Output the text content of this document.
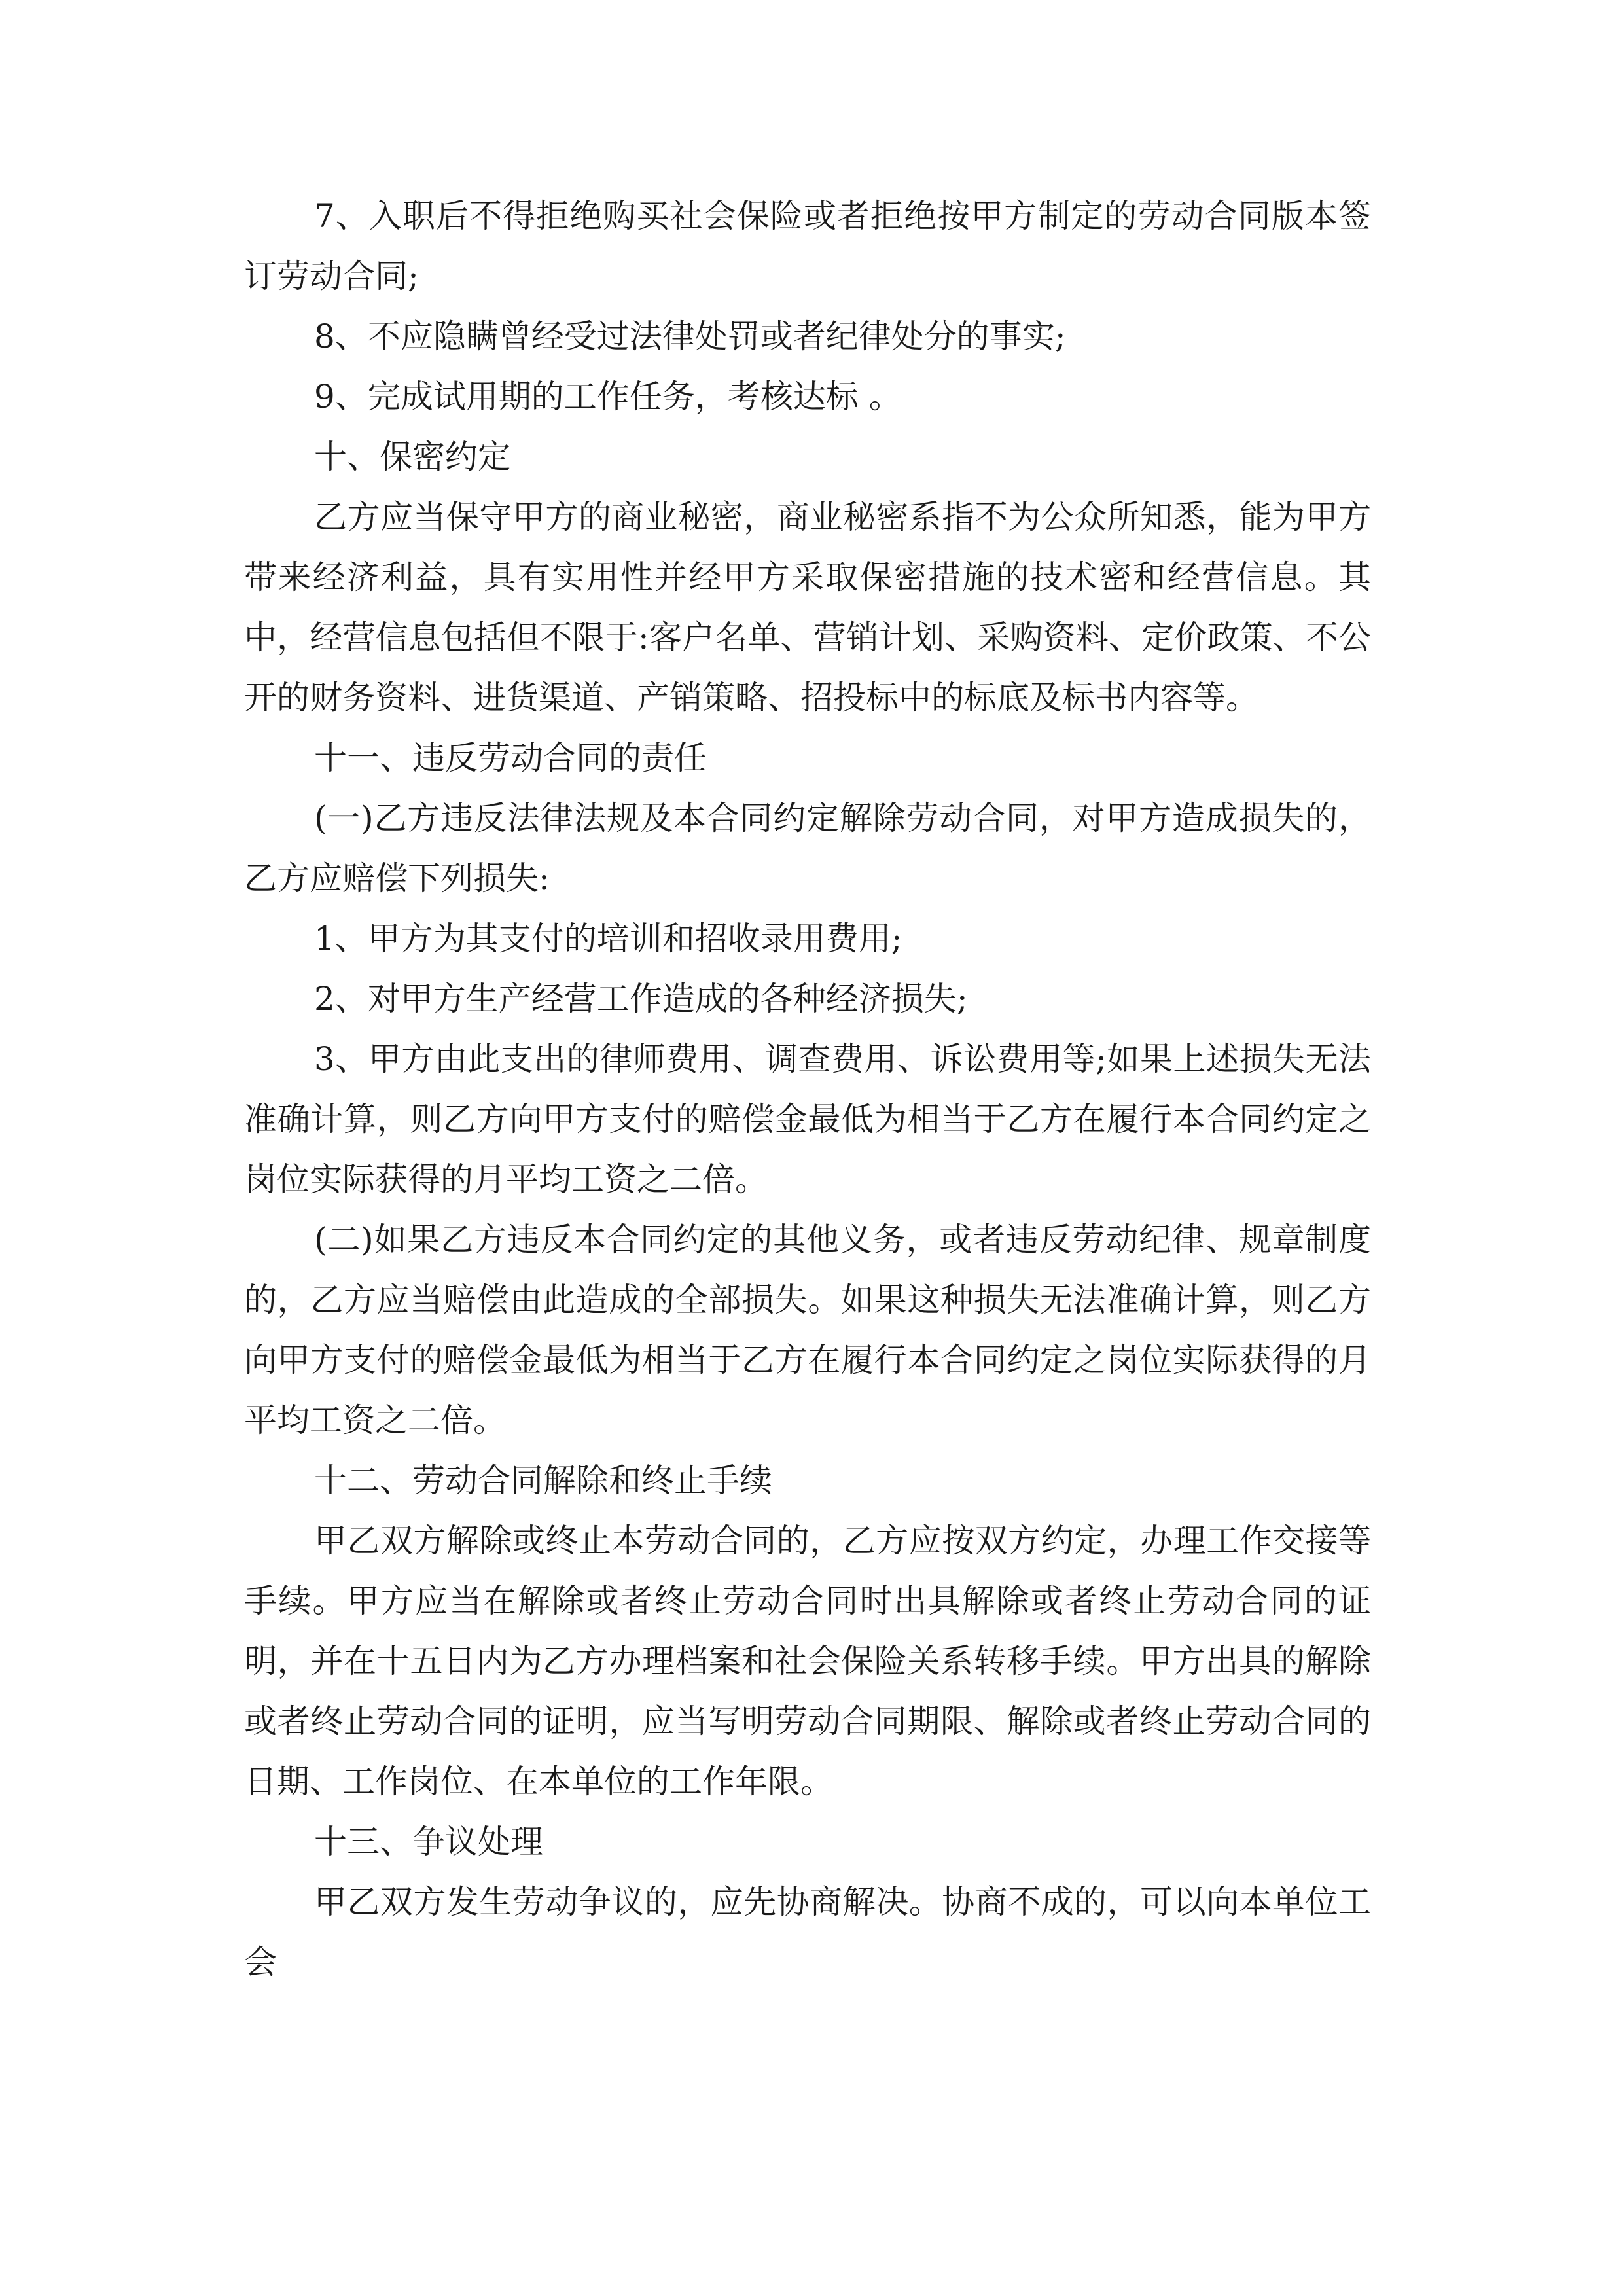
7、入职后不得拒绝购买社会保险或者拒绝按甲方制定的劳动合同版本签订劳动合同;

8、不应隐瞒曾经受过法律处罚或者纪律处分的事实;

9、完成试用期的工作任务，考核达标 。

十、保密约定

乙方应当保守甲方的商业秘密，商业秘密系指不为公众所知悉，能为甲方带来经济利益，具有实用性并经甲方采取保密措施的技术密和经营信息。其中，经营信息包括但不限于:客户名单、营销计划、采购资料、定价政策、不公开的财务资料、进货渠道、产销策略、招投标中的标底及标书内容等。

十一、违反劳动合同的责任

(一)乙方违反法律法规及本合同约定解除劳动合同，对甲方造成损失的，乙方应赔偿下列损失:

1、甲方为其支付的培训和招收录用费用;

2、对甲方生产经营工作造成的各种经济损失;

3、甲方由此支出的律师费用、调查费用、诉讼费用等;如果上述损失无法准确计算，则乙方向甲方支付的赔偿金最低为相当于乙方在履行本合同约定之岗位实际获得的月平均工资之二倍。

(二)如果乙方违反本合同约定的其他义务，或者违反劳动纪律、规章制度的，乙方应当赔偿由此造成的全部损失。如果这种损失无法准确计算，则乙方向甲方支付的赔偿金最低为相当于乙方在履行本合同约定之岗位实际获得的月平均工资之二倍。

十二、劳动合同解除和终止手续

甲乙双方解除或终止本劳动合同的，乙方应按双方约定，办理工作交接等手续。甲方应当在解除或者终止劳动合同时出具解除或者终止劳动合同的证明，并在十五日内为乙方办理档案和社会保险关系转移手续。甲方出具的解除或者终止劳动合同的证明，应当写明劳动合同期限、解除或者终止劳动合同的日期、工作岗位、在本单位的工作年限。

十三、争议处理

甲乙双方发生劳动争议的，应先协商解决。协商不成的，可以向本单位工会
